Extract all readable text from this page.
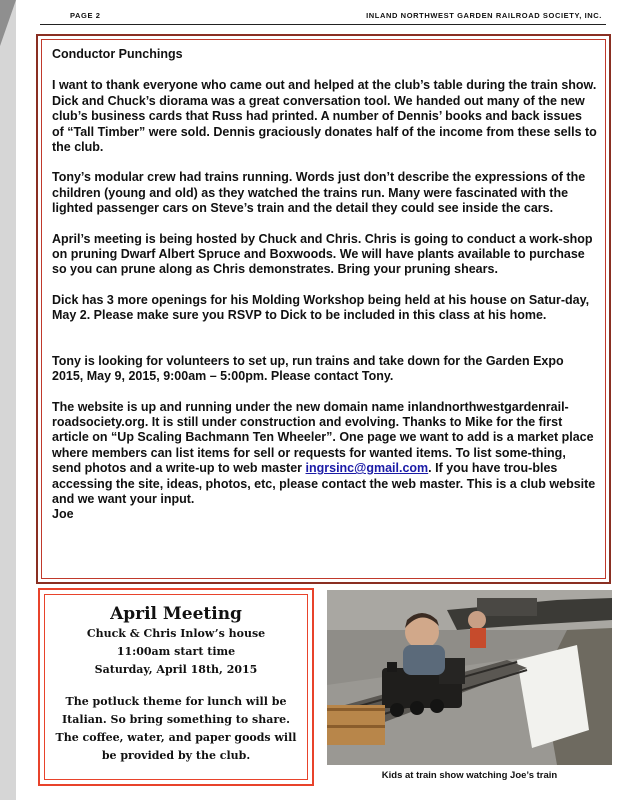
PAGE 2	INLAND NORTHWEST GARDEN RAILROAD SOCIETY, INC.

Conductor Punchings

I want to thank everyone who came out and helped at the club’s table during the train show. Dick and Chuck’s diorama was a great conversation tool. We handed out many of the new club’s business cards that Russ had printed. A number of Dennis’ books and back issues of “Tall Timber” were sold. Dennis graciously donates half of the income from these sells to the club.

Tony’s modular crew had trains running. Words just don’t describe the expressions of the children (young and old) as they watched the trains run. Many were fascinated with the lighted passenger cars on Steve’s train and the detail they could see inside the cars.

April’s meeting is being hosted by Chuck and Chris. Chris is going to conduct a work-shop on pruning Dwarf Albert Spruce and Boxwoods. We will have plants available to purchase so you can prune along as Chris demonstrates. Bring your pruning shears.

Dick has 3 more openings for his Molding Workshop being held at his house on Satur-day, May 2. Please make sure you RSVP to Dick to be included in this class at his home.

Tony is looking for volunteers to set up, run trains and take down for the Garden Expo 2015, May 9, 2015, 9:00am – 5:00pm. Please contact Tony.

The website is up and running under the new domain name inlandnorthwestgardenrail-roadsociety.org. It is still under construction and evolving. Thanks to Mike for the first article on “Up Scaling Bachmann Ten Wheeler”. One page we want to add is a market place where members can list items for sell or requests for wanted items. To list some-thing, send photos and a write-up to web master ingrsinc@gmail.com. If you have trou-bles accessing the site, ideas, photos, etc, please contact the web master. This is a club website and we want your input.

Joe

April Meeting
Chuck & Chris Inlow’s house
11:00am start time
Saturday, April 18th, 2015
The potluck theme for lunch will be Italian. So bring something to share.
The coffee, water, and paper goods will be provided by the club.
Kids at train show watching Joe’s train
